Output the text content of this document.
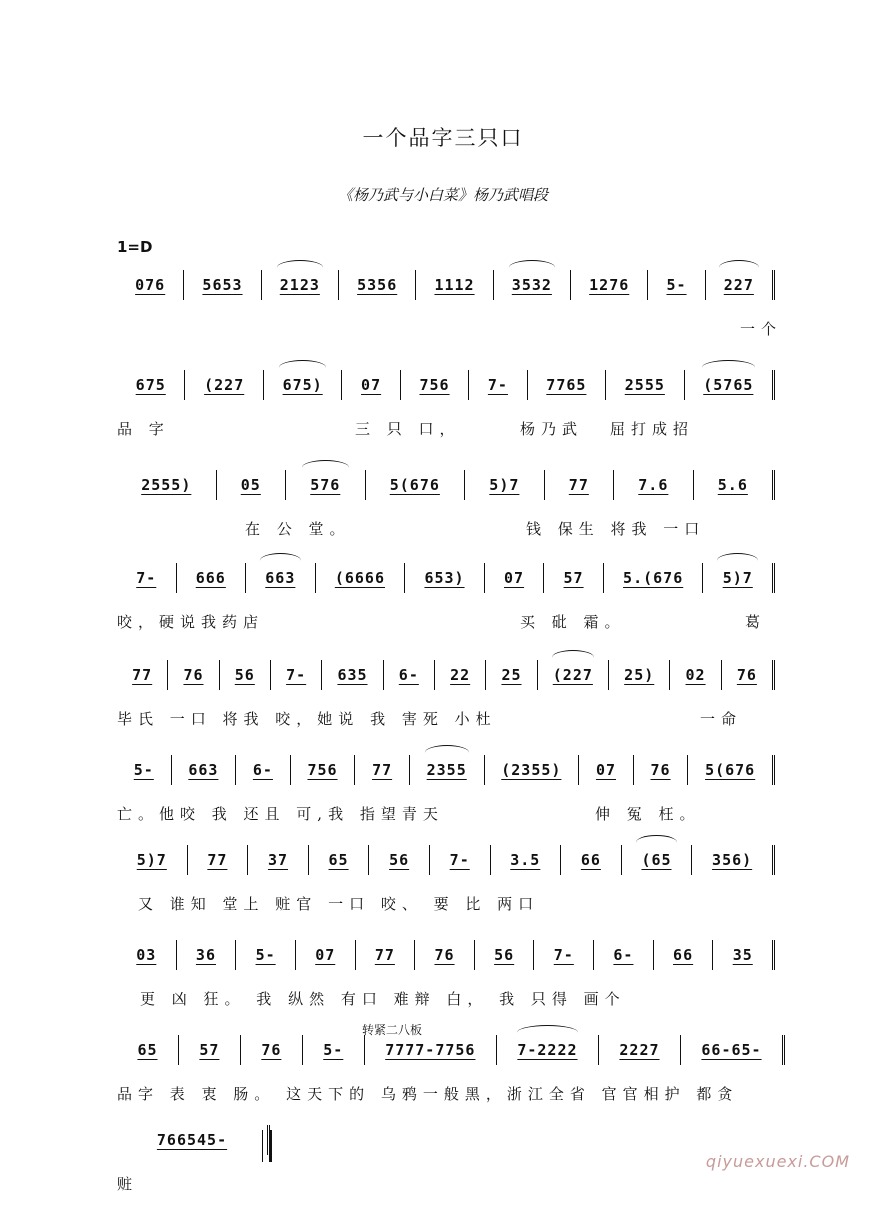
一个品字三只口
《杨乃武与小白菜》杨乃武唱段
1=D
076	5653	2123	5356	1112	3532	1276	5-	227
一个
675	(227	675)	07	756	7-	7765	2555	(5765
品 字	三 只 口，	杨乃武 屈打成招
2555)	05	576	5(676	5)7	77	7.6	5.6
在 公 堂。	钱 保生 将我 一口
7-	666	663	(6666	653)	07	57	5.(676	5)7
咬，硬说我药店	买 砒 霜。	葛
77	76	56	7-	635	6-	22	25	(227	25)	02	76
毕氏 一口 将我 咬，她说 我 害死 小杜	一命
5-	663	6-	756	77	2355	(2355)	07	76	5(676
亡。他咬 我 还且 可,我 指望青天	伸 冤 枉。
5)7	77	37	65	56	7-	3.5	66	(65	356)
又 谁知 堂上 赃官 一口 咬、 要 比 两口
03	36	5-	07	77	76	56	7-	6-	66	35
更 凶 狂。 我 纵然 有口 难辩 白， 我 只得 画个
65	57	76	5-	7777-7756	7-2222	2227	66-65-
转紧二八板
品字 表 衷 肠。 这天下的 乌鸦一般黑，浙江全省 官官相护 都贪
766545-
赃
qiyuexuexi.COM
